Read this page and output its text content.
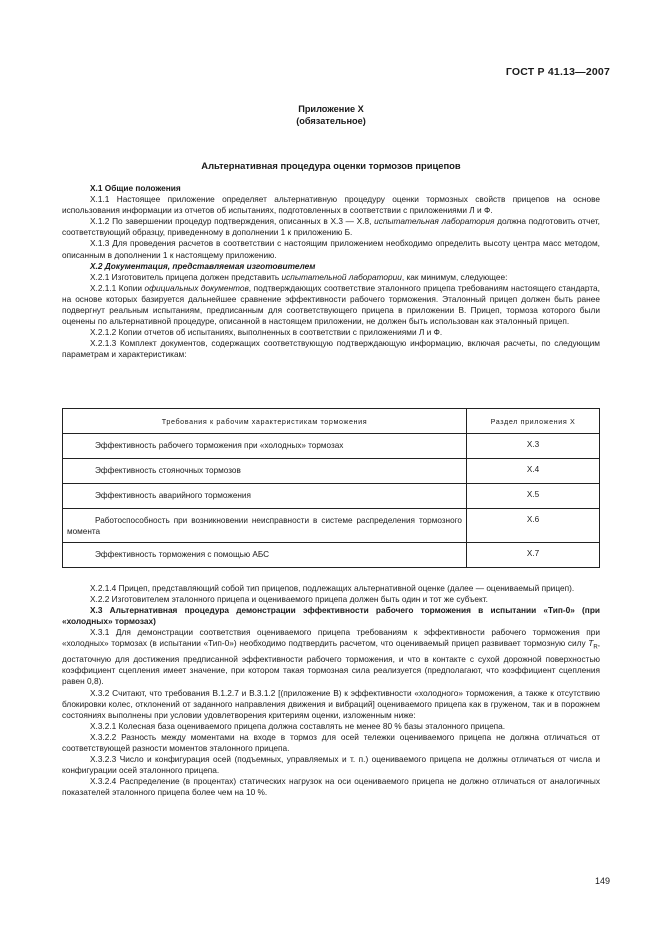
ГОСТ Р 41.13—2007
Приложение X
(обязательное)
Альтернативная процедура оценки тормозов прицепов

X.1 Общие положения

X.1.1 Настоящее приложение определяет альтернативную процедуру оценки тормозных свойств прицепов на основе использования информации из отчетов об испытаниях, подготовленных в соответствии с приложениями Л и Ф.

X.1.2 По завершении процедур подтверждения, описанных в Х.3 — Х.8, испытательная лаборатория должна подготовить отчет, соответствующий образцу, приведенному в дополнении 1 к приложению Б.

X.1.3 Для проведения расчетов в соответствии с настоящим приложением необходимо определить высоту центра масс методом, описанным в дополнении 1 к настоящему приложению.

Х.2 Документация, представляемая изготовителем

X.2.1 Изготовитель прицепа должен представить испытательной лаборатории, как минимум, следующее:

X.2.1.1 Копии официальных документов, подтверждающих соответствие эталонного прицепа требованиям настоящего стандарта, на основе которых базируется дальнейшее сравнение эффективности рабочего торможения. Эталонный прицеп должен быть ранее подвергнут реальным испытаниям, предписанным для соответствующего прицепа в приложении В. Прицеп, тормоза которого были оценены по альтернативной процедуре, описанной в настоящем приложении, не должен быть использован как эталонный прицеп.

X.2.1.2 Копии отчетов об испытаниях, выполненных в соответствии с приложениями Л и Ф.

X.2.1.3 Комплект документов, содержащих соответствующую подтверждающую информацию, включая расчеты, по следующим параметрам и характеристикам:

Требования к рабочим характеристикам торможения	Раздел приложения X
Эффективность рабочего торможения при «холодных» тормозах	X.3
Эффективность стояночных тормозов	X.4
Эффективность аварийного торможения	X.5
Работоспособность при возникновении неисправности в системе распределения тормозного момента	X.6
Эффективность торможения с помощью АБС	X.7

X.2.1.4 Прицеп, представляющий собой тип прицепов, подлежащих альтернативной оценке (далее — оцениваемый прицеп).

X.2.2 Изготовителем эталонного прицепа и оцениваемого прицепа должен быть один и тот же субъект.

X.3 Альтернативная процедура демонстрации эффективности рабочего торможения в испытании «Тип-0» (при «холодных» тормозах)

X.3.1 Для демонстрации соответствия оцениваемого прицепа требованиям к эффективности рабочего торможения при «холодных» тормозах (в испытании «Тип-0») необходимо подтвердить расчетом, что оцениваемый прицеп развивает тормозную силу $T_R$, достаточную для достижения предписанной эффективности рабочего торможения, и что в контакте с сухой дорожной поверхностью коэффициент сцепления имеет значение, при котором такая тормозная сила реализуется (предполагают, что коэффициент сцепления равен 0,8).

X.3.2 Считают, что требования В.1.2.7 и В.3.1.2 [(приложение В) к эффективности «холодного» торможения, а также к отсутствию блокировки колес, отклонений от заданного направления движения и вибраций] оцениваемого прицепа как в груженом, так и в порожнем состояниях выполнены при условии удовлетворения критериям оценки, изложенным ниже:

X.3.2.1 Колесная база оцениваемого прицепа должна составлять не менее 80 % базы эталонного прицепа.

X.3.2.2 Разность между моментами на входе в тормоз для осей тележки оцениваемого прицепа не должна отличаться от соответствующей разности моментов эталонного прицепа.

X.3.2.3 Число и конфигурация осей (подъемных, управляемых и т. п.) оцениваемого прицепа не должны отличаться от числа и конфигурации осей эталонного прицепа.

X.3.2.4 Распределение (в процентах) статических нагрузок на оси оцениваемого прицепа не должно отличаться от аналогичных показателей эталонного прицепа более чем на 10 %.

149
